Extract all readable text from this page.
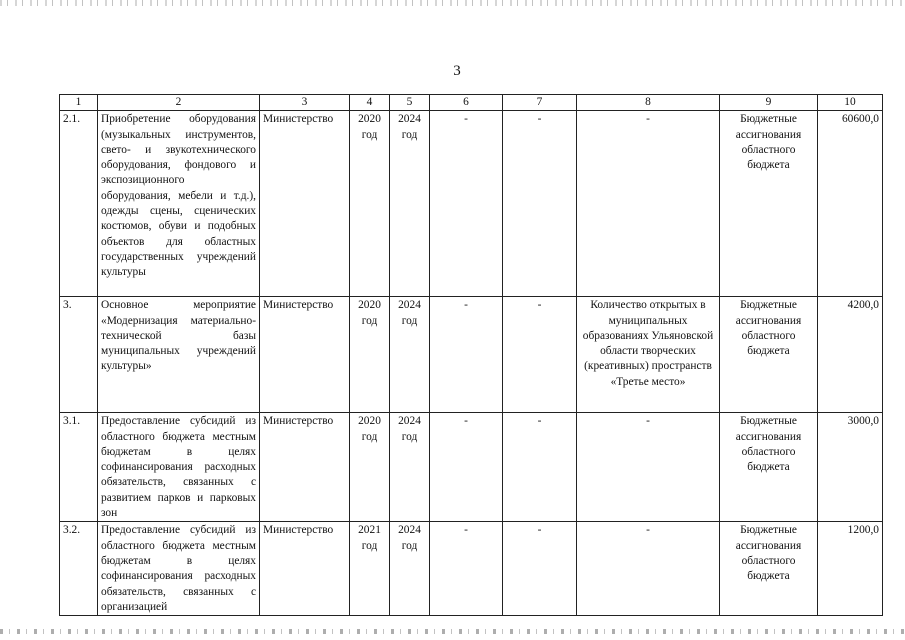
3
1	2	3	4	5	6	7	8	9	10
2.1.	Приобретение оборудования (музыкальных инструментов, свето- и звукотехнического оборудования, фондового и экспозиционного оборудования, мебели и т.д.), одежды сцены, сценических костюмов, обуви и подобных объектов для областных государственных учреждений культуры	Министерство	2020 год	2024 год	-	-	-	Бюджетные ассигнования областного бюджета	60600,0
3.	Основное мероприятие «Модернизация материально-технической базы муниципальных учреждений культуры»	Министерство	2020 год	2024 год	-	-	Количество открытых в муниципальных образованиях Ульяновской области творческих (креативных) пространств «Третье место»	Бюджетные ассигнования областного бюджета	4200,0
3.1.	Предоставление субсидий из областного бюджета местным бюджетам в целях софинансирования расходных обязательств, связанных с развитием парков и парковых зон	Министерство	2020 год	2024 год	-	-	-	Бюджетные ассигнования областного бюджета	3000,0
3.2.	Предоставление субсидий из областного бюджета местным бюджетам в целях софинансирования расходных обязательств, связанных с организацией	Министерство	2021 год	2024 год	-	-	-	Бюджетные ассигнования областного бюджета	1200,0
